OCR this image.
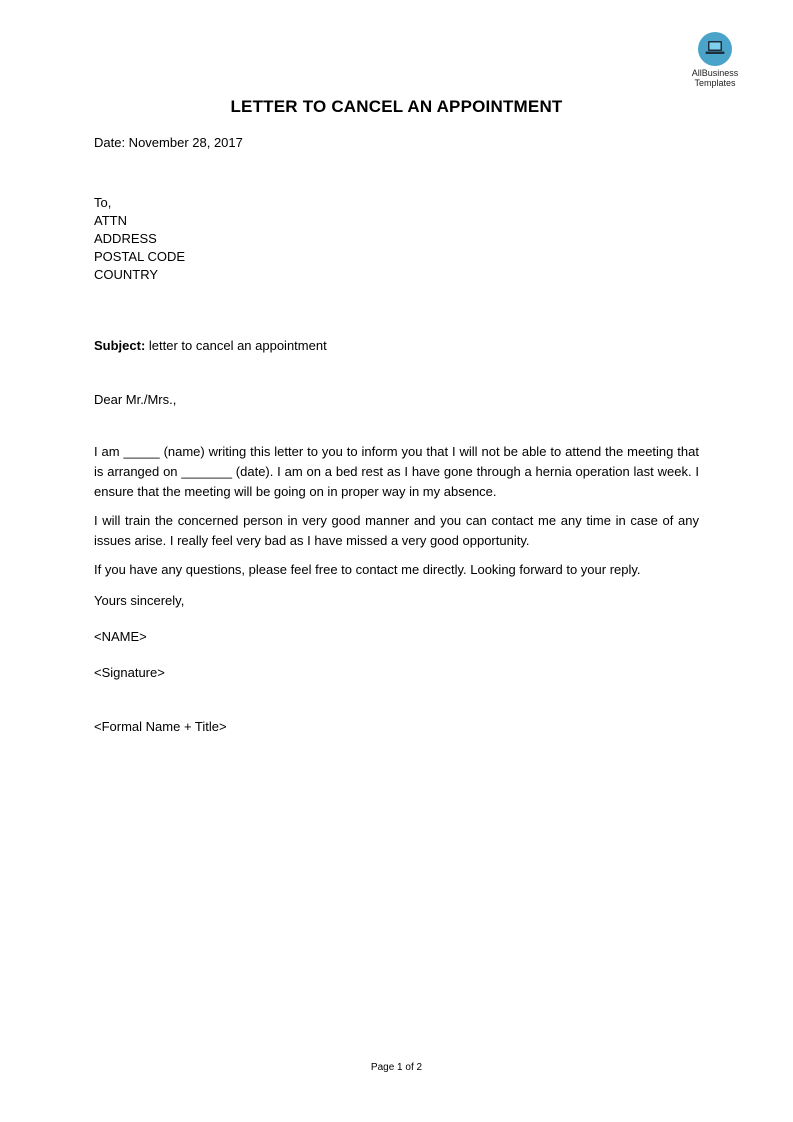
AllBusiness
Templates
LETTER TO CANCEL AN APPOINTMENT
Date: November 28, 2017
To,
ATTN
ADDRESS
POSTAL CODE
COUNTRY
Subject: letter to cancel an appointment
Dear Mr./Mrs.,
I am _____ (name) writing this letter to you to inform you that I will not be able to attend the meeting that is arranged on _______ (date). I am on a bed rest as I have gone through a hernia operation last week. I ensure that the meeting will be going on in proper way in my absence.
I will train the concerned person in very good manner and you can contact me any time in case of any issues arise. I really feel very bad as I have missed a very good opportunity.
If you have any questions, please feel free to contact me directly. Looking forward to your reply.
Yours sincerely,
<NAME>
<Signature>
<Formal Name + Title>
Page 1 of 2
